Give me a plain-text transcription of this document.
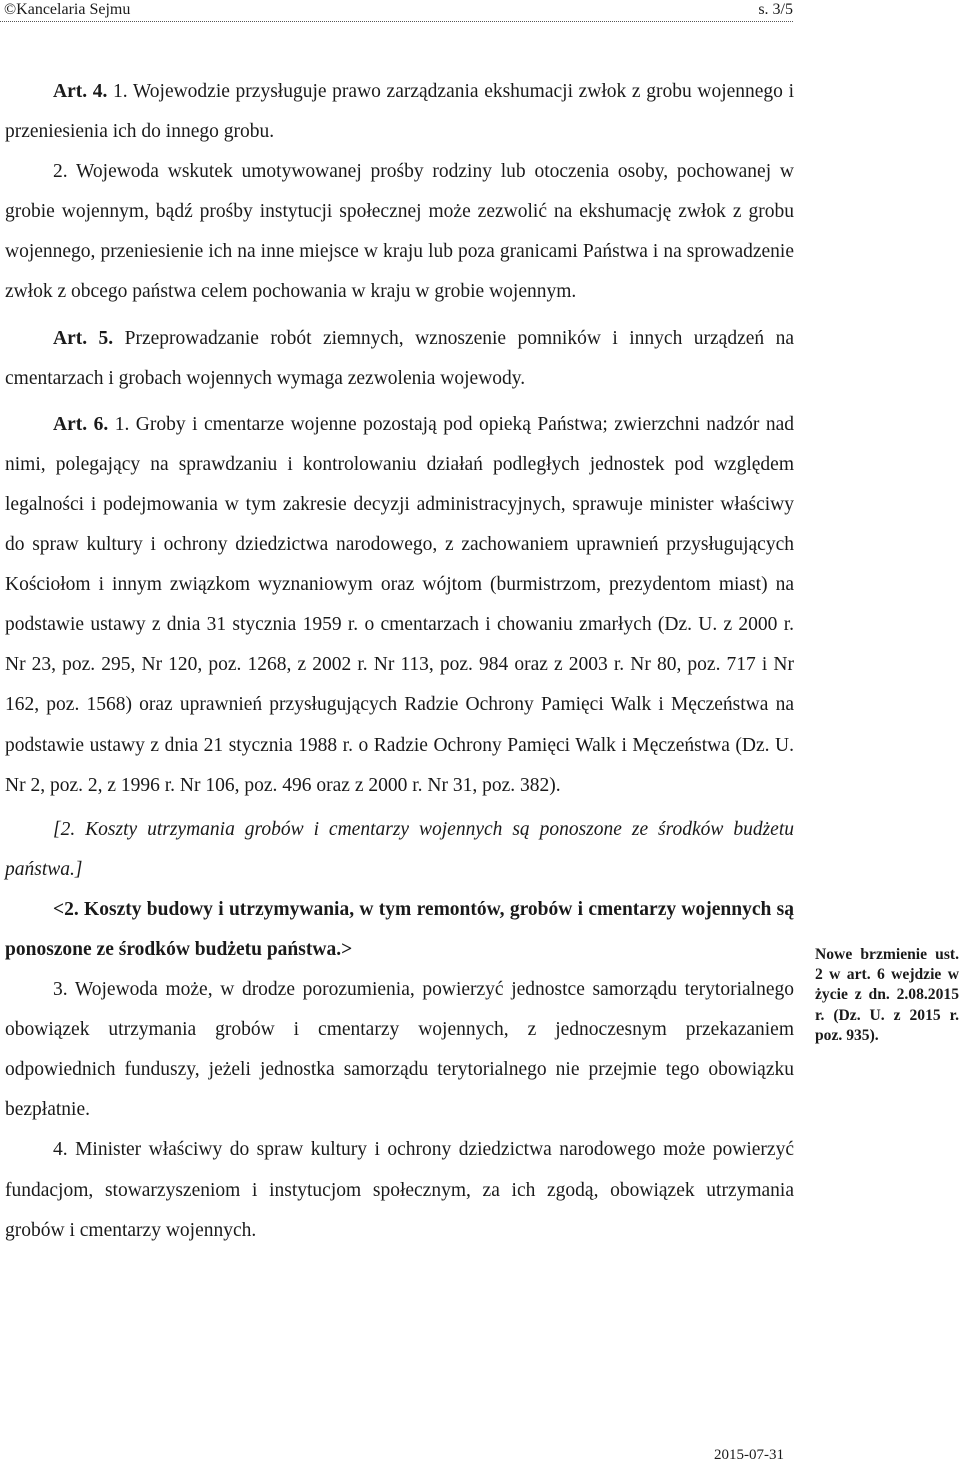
©Kancelaria Sejmu	s. 3/5

Art. 4. 1. Wojewodzie przysługuje prawo zarządzania ekshumacji zwłok z grobu wojennego i przeniesienia ich do innego grobu.

2. Wojewoda wskutek umotywowanej prośby rodziny lub otoczenia osoby, pochowanej w grobie wojennym, bądź prośby instytucji społecznej może zezwolić na ekshumację zwłok z grobu wojennego, przeniesienie ich na inne miejsce w kraju lub poza granicami Państwa i na sprowadzenie zwłok z obcego państwa celem pochowania w kraju w grobie wojennym.

Art. 5. Przeprowadzanie robót ziemnych, wznoszenie pomników i innych urządzeń na cmentarzach i grobach wojennych wymaga zezwolenia wojewody.

Art. 6. 1. Groby i cmentarze wojenne pozostają pod opieką Państwa; zwierzchni nadzór nad nimi, polegający na sprawdzaniu i kontrolowaniu działań podległych jednostek pod względem legalności i podejmowania w tym zakresie decyzji administracyjnych, sprawuje minister właściwy do spraw kultury i ochrony dziedzictwa narodowego, z zachowaniem uprawnień przysługujących Kościołom i innym związkom wyznaniowym oraz wójtom (burmistrzom, prezydentom miast) na podstawie ustawy z dnia 31 stycznia 1959 r. o cmentarzach i chowaniu zmarłych (Dz. U. z 2000 r. Nr 23, poz. 295, Nr 120, poz. 1268, z 2002 r. Nr 113, poz. 984 oraz z 2003 r. Nr 80, poz. 717 i Nr 162, poz. 1568) oraz uprawnień przysługujących Radzie Ochrony Pamięci Walk i Męczeństwa na podstawie ustawy z dnia 21 stycznia 1988 r. o Radzie Ochrony Pamięci Walk i Męczeństwa (Dz. U. Nr 2, poz. 2, z 1996 r. Nr 106, poz. 496 oraz z 2000 r. Nr 31, poz. 382).

[2. Koszty utrzymania grobów i cmentarzy wojennych są ponoszone ze środków budżetu państwa.]

<2. Koszty budowy i utrzymywania, w tym remontów, grobów i cmentarzy wojennych są ponoszone ze środków budżetu państwa.>

3. Wojewoda może, w drodze porozumienia, powierzyć jednostce samorządu terytorialnego obowiązek utrzymania grobów i cmentarzy wojennych, z jednoczesnym przekazaniem odpowiednich funduszy, jeżeli jednostka samorządu terytorialnego nie przejmie tego obowiązku bezpłatnie.

4. Minister właściwy do spraw kultury i ochrony dziedzictwa narodowego może powierzyć fundacjom, stowarzyszeniom i instytucjom społecznym, za ich zgodą, obowiązek utrzymania grobów i cmentarzy wojennych.

Nowe brzmienie ust. 2 w art. 6 wejdzie w życie z dn. 2.08.2015 r. (Dz. U. z 2015 r. poz. 935).
2015-07-31
